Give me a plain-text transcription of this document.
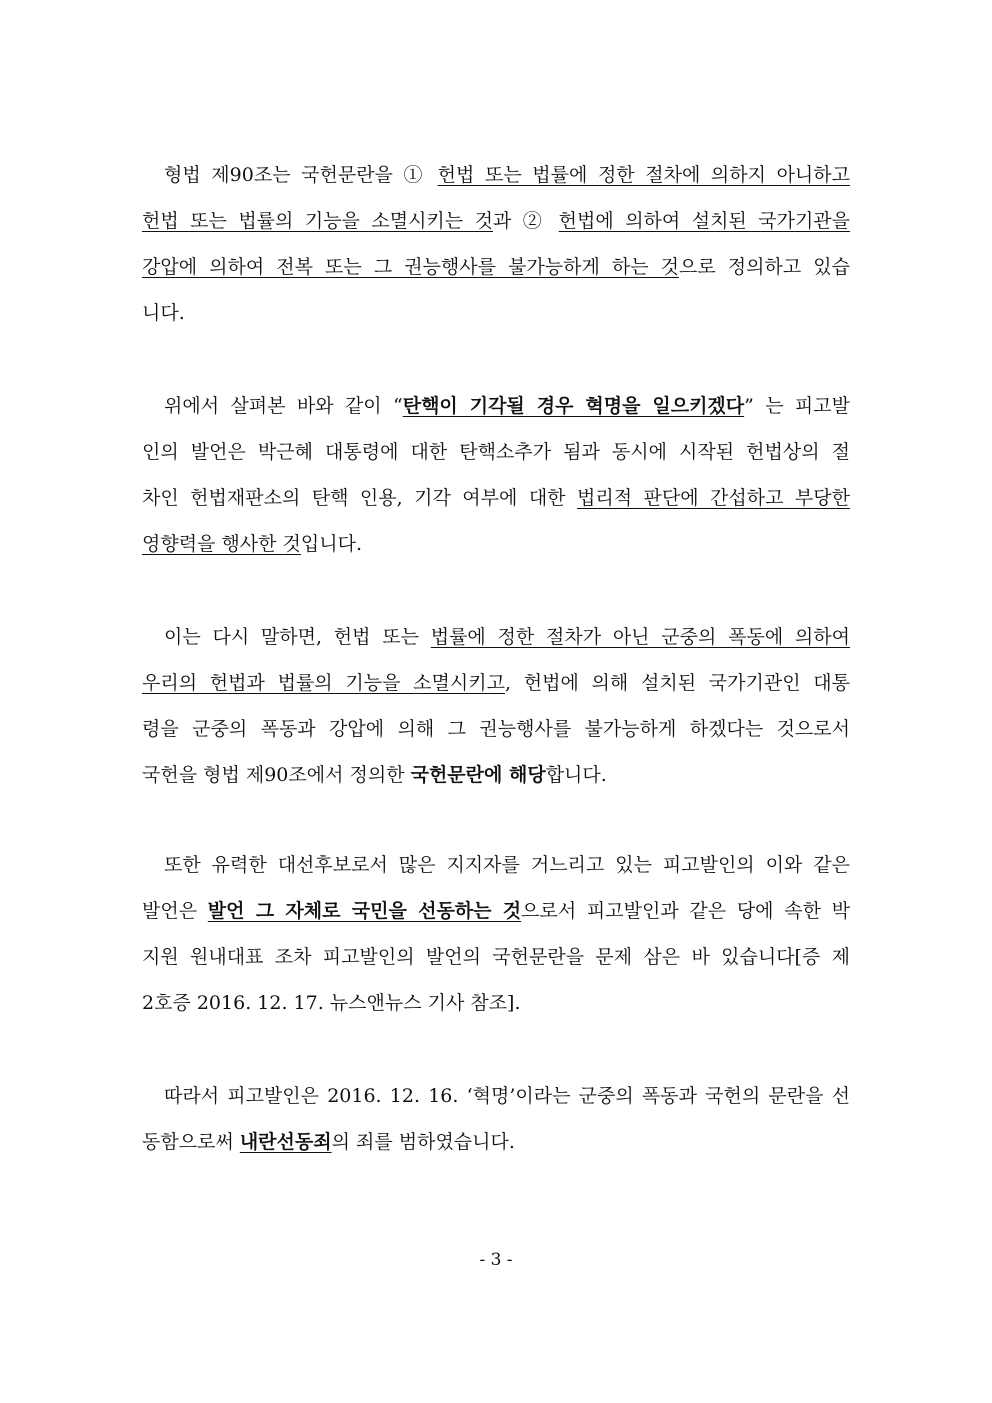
형법 제90조는 국헌문란을 ① 헌법 또는 법률에 정한 절차에 의하지 아니하고
헌법 또는 법률의 기능을 소멸시키는 것과 ② 헌법에 의하여 설치된 국가기관을
강압에 의하여 전복 또는 그 권능행사를 불가능하게 하는 것으로 정의하고 있습
니다.
위에서 살펴본 바와 같이 “탄핵이 기각될 경우 혁명을 일으키겠다” 는 피고발
인의 발언은 박근혜 대통령에 대한 탄핵소추가 됨과 동시에 시작된 헌법상의 절
차인 헌법재판소의 탄핵 인용, 기각 여부에 대한 법리적 판단에 간섭하고 부당한
영향력을 행사한 것입니다.
이는 다시 말하면, 헌법 또는 법률에 정한 절차가 아닌 군중의 폭동에 의하여
우리의 헌법과 법률의 기능을 소멸시키고, 헌법에 의해 설치된 국가기관인 대통
령을 군중의 폭동과 강압에 의해 그 권능행사를 불가능하게 하겠다는 것으로서
국헌을 형법 제90조에서 정의한 국헌문란에 해당합니다.
또한 유력한 대선후보로서 많은 지지자를 거느리고 있는 피고발인의 이와 같은
발언은 발언 그 자체로 국민을 선동하는 것으로서 피고발인과 같은 당에 속한 박
지원 원내대표 조차 피고발인의 발언의 국헌문란을 문제 삼은 바 있습니다[증 제
2호증 2016. 12. 17. 뉴스앤뉴스 기사 참조].
따라서 피고발인은 2016. 12. 16. ‘혁명’이라는 군중의 폭동과 국헌의 문란을 선
동함으로써 내란선동죄의 죄를 범하였습니다.
- 3 -
